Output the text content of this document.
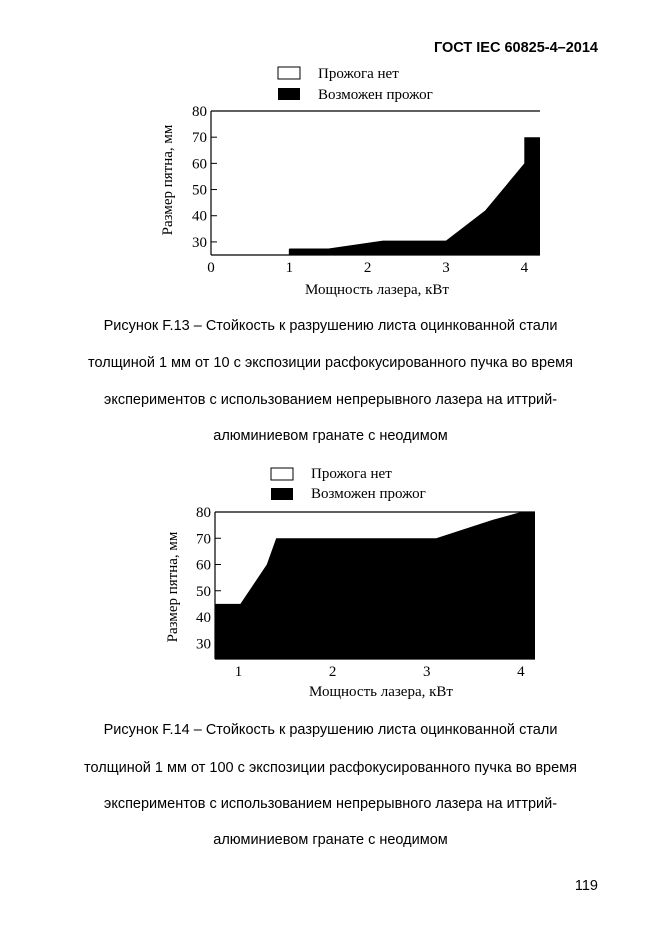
ГОСТ IEC 60825-4–2014
Прожога нет
Возможен прожог
30
40
50
60
70
80
0	1	2	3	4
Мощность лазера, кВт
Размер пятна, мм
Рисунок F.13 – Стойкость к разрушению листа оцинкованной стали
толщиной 1 мм от 10 с экспозиции расфокусированного пучка во время
экспериментов с использованием непрерывного лазера на иттрий-
алюминиевом гранате с неодимом
Прожога нет
Возможен прожог
30
40
50
60
70
80
1	2	3	4
Мощность лазера, кВт
Размер пятна, мм
Рисунок F.14 – Стойкость к разрушению листа оцинкованной стали
толщиной 1 мм от 100 с экспозиции расфокусированного пучка во время
экспериментов с использованием непрерывного лазера на иттрий-
алюминиевом гранате с неодимом
119
